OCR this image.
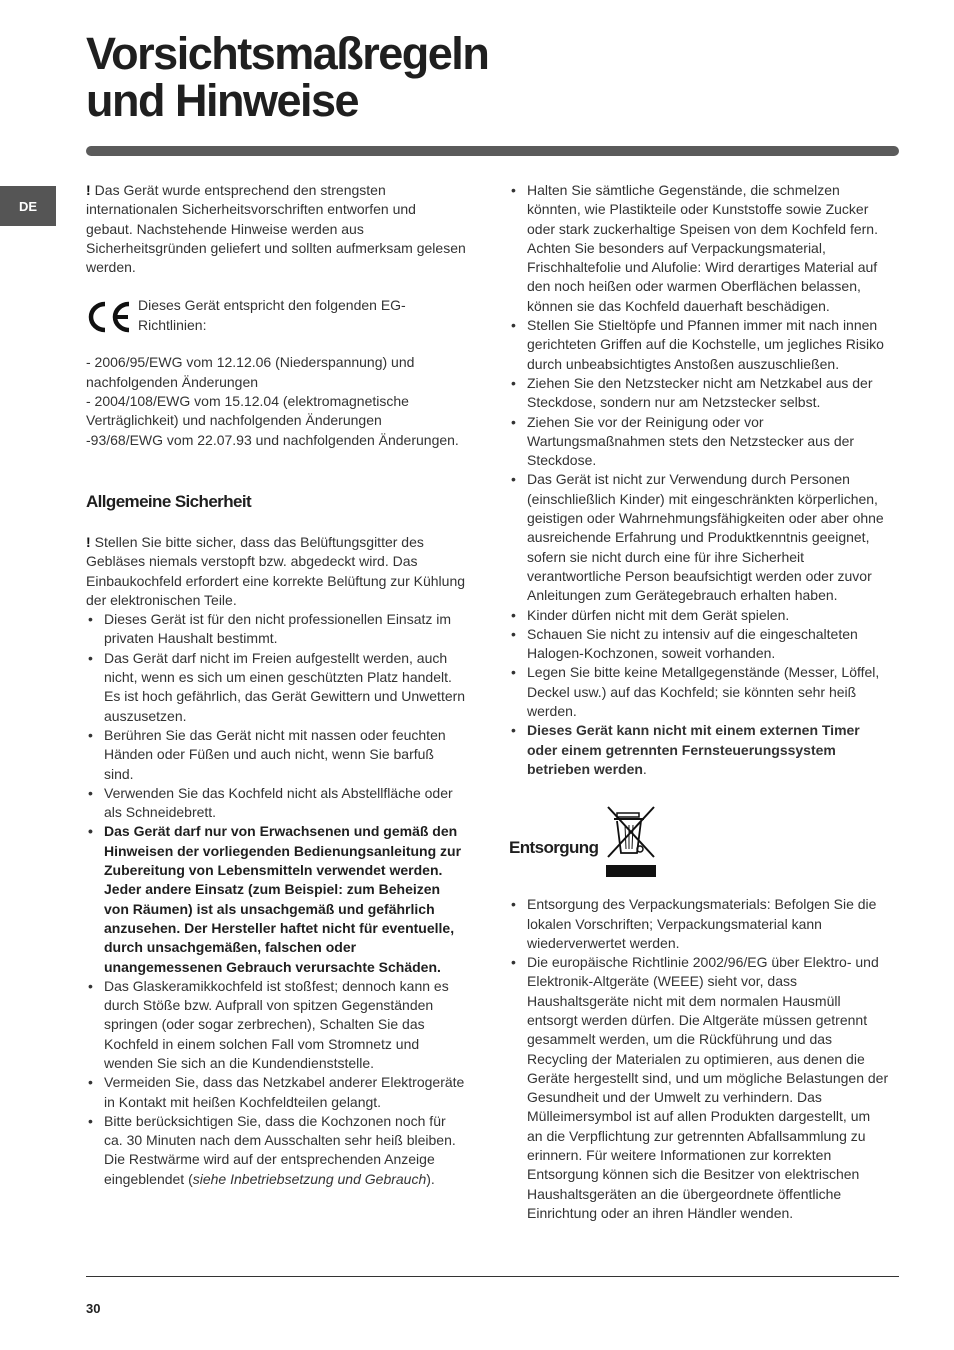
Vorsichtsmaßregeln
und Hinweise
DE

! Das Gerät wurde entsprechend den strengsten internationalen Sicherheitsvorschriften entworfen und gebaut. Nachstehende Hinweise werden aus Sicherheitsgründen geliefert und sollten aufmerksam gelesen werden.

Dieses Gerät entspricht den folgenden EG-Richtlinien:

- 2006/95/EWG vom 12.12.06 (Niederspannung) und nachfolgenden Änderungen

- 2004/108/EWG vom 15.12.04 (elektromagnetische Verträglichkeit) und nachfolgenden Änderungen

-93/68/EWG vom 22.07.93 und nachfolgenden Änderungen.

Allgemeine Sicherheit

! Stellen Sie bitte sicher, dass das Belüftungsgitter des Gebläses niemals verstopft bzw. abgedeckt wird. Das Einbaukochfeld erfordert eine korrekte Belüftung zur Kühlung der elektronischen Teile.

• Dieses Gerät ist für den nicht professionellen Einsatz im privaten Haushalt bestimmt.
• Das Gerät darf nicht im Freien aufgestellt werden, auch nicht, wenn es sich um einen geschützten Platz handelt. Es ist hoch gefährlich, das Gerät Gewittern und Unwettern auszusetzen.
• Berühren Sie das Gerät nicht mit nassen oder feuchten Händen oder Füßen und auch nicht, wenn Sie barfuß sind.
• Verwenden Sie das Kochfeld nicht als Abstellfläche oder als Schneidebrett.
• Das Gerät darf nur von Erwachsenen und gemäß den Hinweisen der vorliegenden Bedienungsanleitung zur Zubereitung von Lebensmitteln verwendet werden. Jeder andere Einsatz (zum Beispiel: zum Beheizen von Räumen) ist als unsachgemäß und gefährlich anzusehen. Der Hersteller haftet nicht für eventuelle, durch unsachgemäßen, falschen oder unangemessenen Gebrauch verursachte Schäden.
• Das Glaskeramikkochfeld ist stoßfest; dennoch kann es durch Stöße bzw. Aufprall von spitzen Gegenständen springen (oder sogar zerbrechen), Schalten Sie das Kochfeld in einem solchen Fall vom Stromnetz und wenden Sie sich an die Kundendienststelle.
• Vermeiden Sie, dass das Netzkabel anderer Elektrogeräte in Kontakt mit heißen Kochfeldteilen gelangt.
• Bitte berücksichtigen Sie, dass die Kochzonen noch für ca. 30 Minuten nach dem Ausschalten sehr heiß bleiben. Die Restwärme wird auf der entsprechenden Anzeige eingeblendet (siehe Inbetriebsetzung und Gebrauch).
• Halten Sie sämtliche Gegenstände, die schmelzen könnten, wie Plastikteile oder Kunststoffe sowie Zucker oder stark zuckerhaltige Speisen von dem Kochfeld fern. Achten Sie besonders auf Verpackungsmaterial, Frischhaltefolie und Alufolie: Wird derartiges Material auf den noch heißen oder warmen Oberflächen belassen, können sie das Kochfeld dauerhaft beschädigen.
• Stellen Sie Stieltöpfe und Pfannen immer mit nach innen gerichteten Griffen auf die Kochstelle, um jegliches Risiko durch unbeabsichtigtes Anstoßen auszuschließen.
• Ziehen Sie den Netzstecker nicht am Netzkabel aus der Steckdose, sondern nur am Netzstecker selbst.
• Ziehen Sie vor der Reinigung oder vor Wartungsmaßnahmen stets den Netzstecker aus der Steckdose.
• Das Gerät ist nicht zur Verwendung durch Personen (einschließlich Kinder) mit eingeschränkten körperlichen, geistigen oder Wahrnehmungsfähigkeiten oder aber ohne ausreichende Erfahrung und Produktkenntnis geeignet, sofern sie nicht durch eine für ihre Sicherheit verantwortliche Person beaufsichtigt werden oder zuvor Anleitungen zum Gerätegebrauch erhalten haben.
• Kinder dürfen nicht mit dem Gerät spielen.
• Schauen Sie nicht zu intensiv auf die eingeschalteten Halogen-Kochzonen, soweit vorhanden.
• Legen Sie bitte keine Metallgegenstände (Messer, Löffel, Deckel usw.) auf das Kochfeld; sie könnten sehr heiß werden.
• Dieses Gerät kann nicht mit einem externen Timer oder einem getrennten Fernsteuerungssystem betrieben werden.
Entsorgung
• Entsorgung des Verpackungsmaterials: Befolgen Sie die lokalen Vorschriften; Verpackungsmaterial kann wiederverwertet werden.
• Die europäische Richtlinie 2002/96/EG über Elektro- und Elektronik-Altgeräte (WEEE) sieht vor, dass Haushaltsgeräte nicht mit dem normalen Hausmüll entsorgt werden dürfen. Die Altgeräte müssen getrennt gesammelt werden, um die Rückführung und das Recycling der Materialen zu optimieren, aus denen die Geräte hergestellt sind, und um mögliche Belastungen der Gesundheit und der Umwelt zu verhindern. Das Mülleimersymbol ist auf allen Produkten dargestellt, um an die Verpflichtung zur getrennten Abfallsammlung zu erinnern. Für weitere Informationen zur korrekten Entsorgung können sich die Besitzer von elektrischen Haushaltsgeräten an die übergeordnete öffentliche Einrichtung oder an ihren Händler wenden.
30
